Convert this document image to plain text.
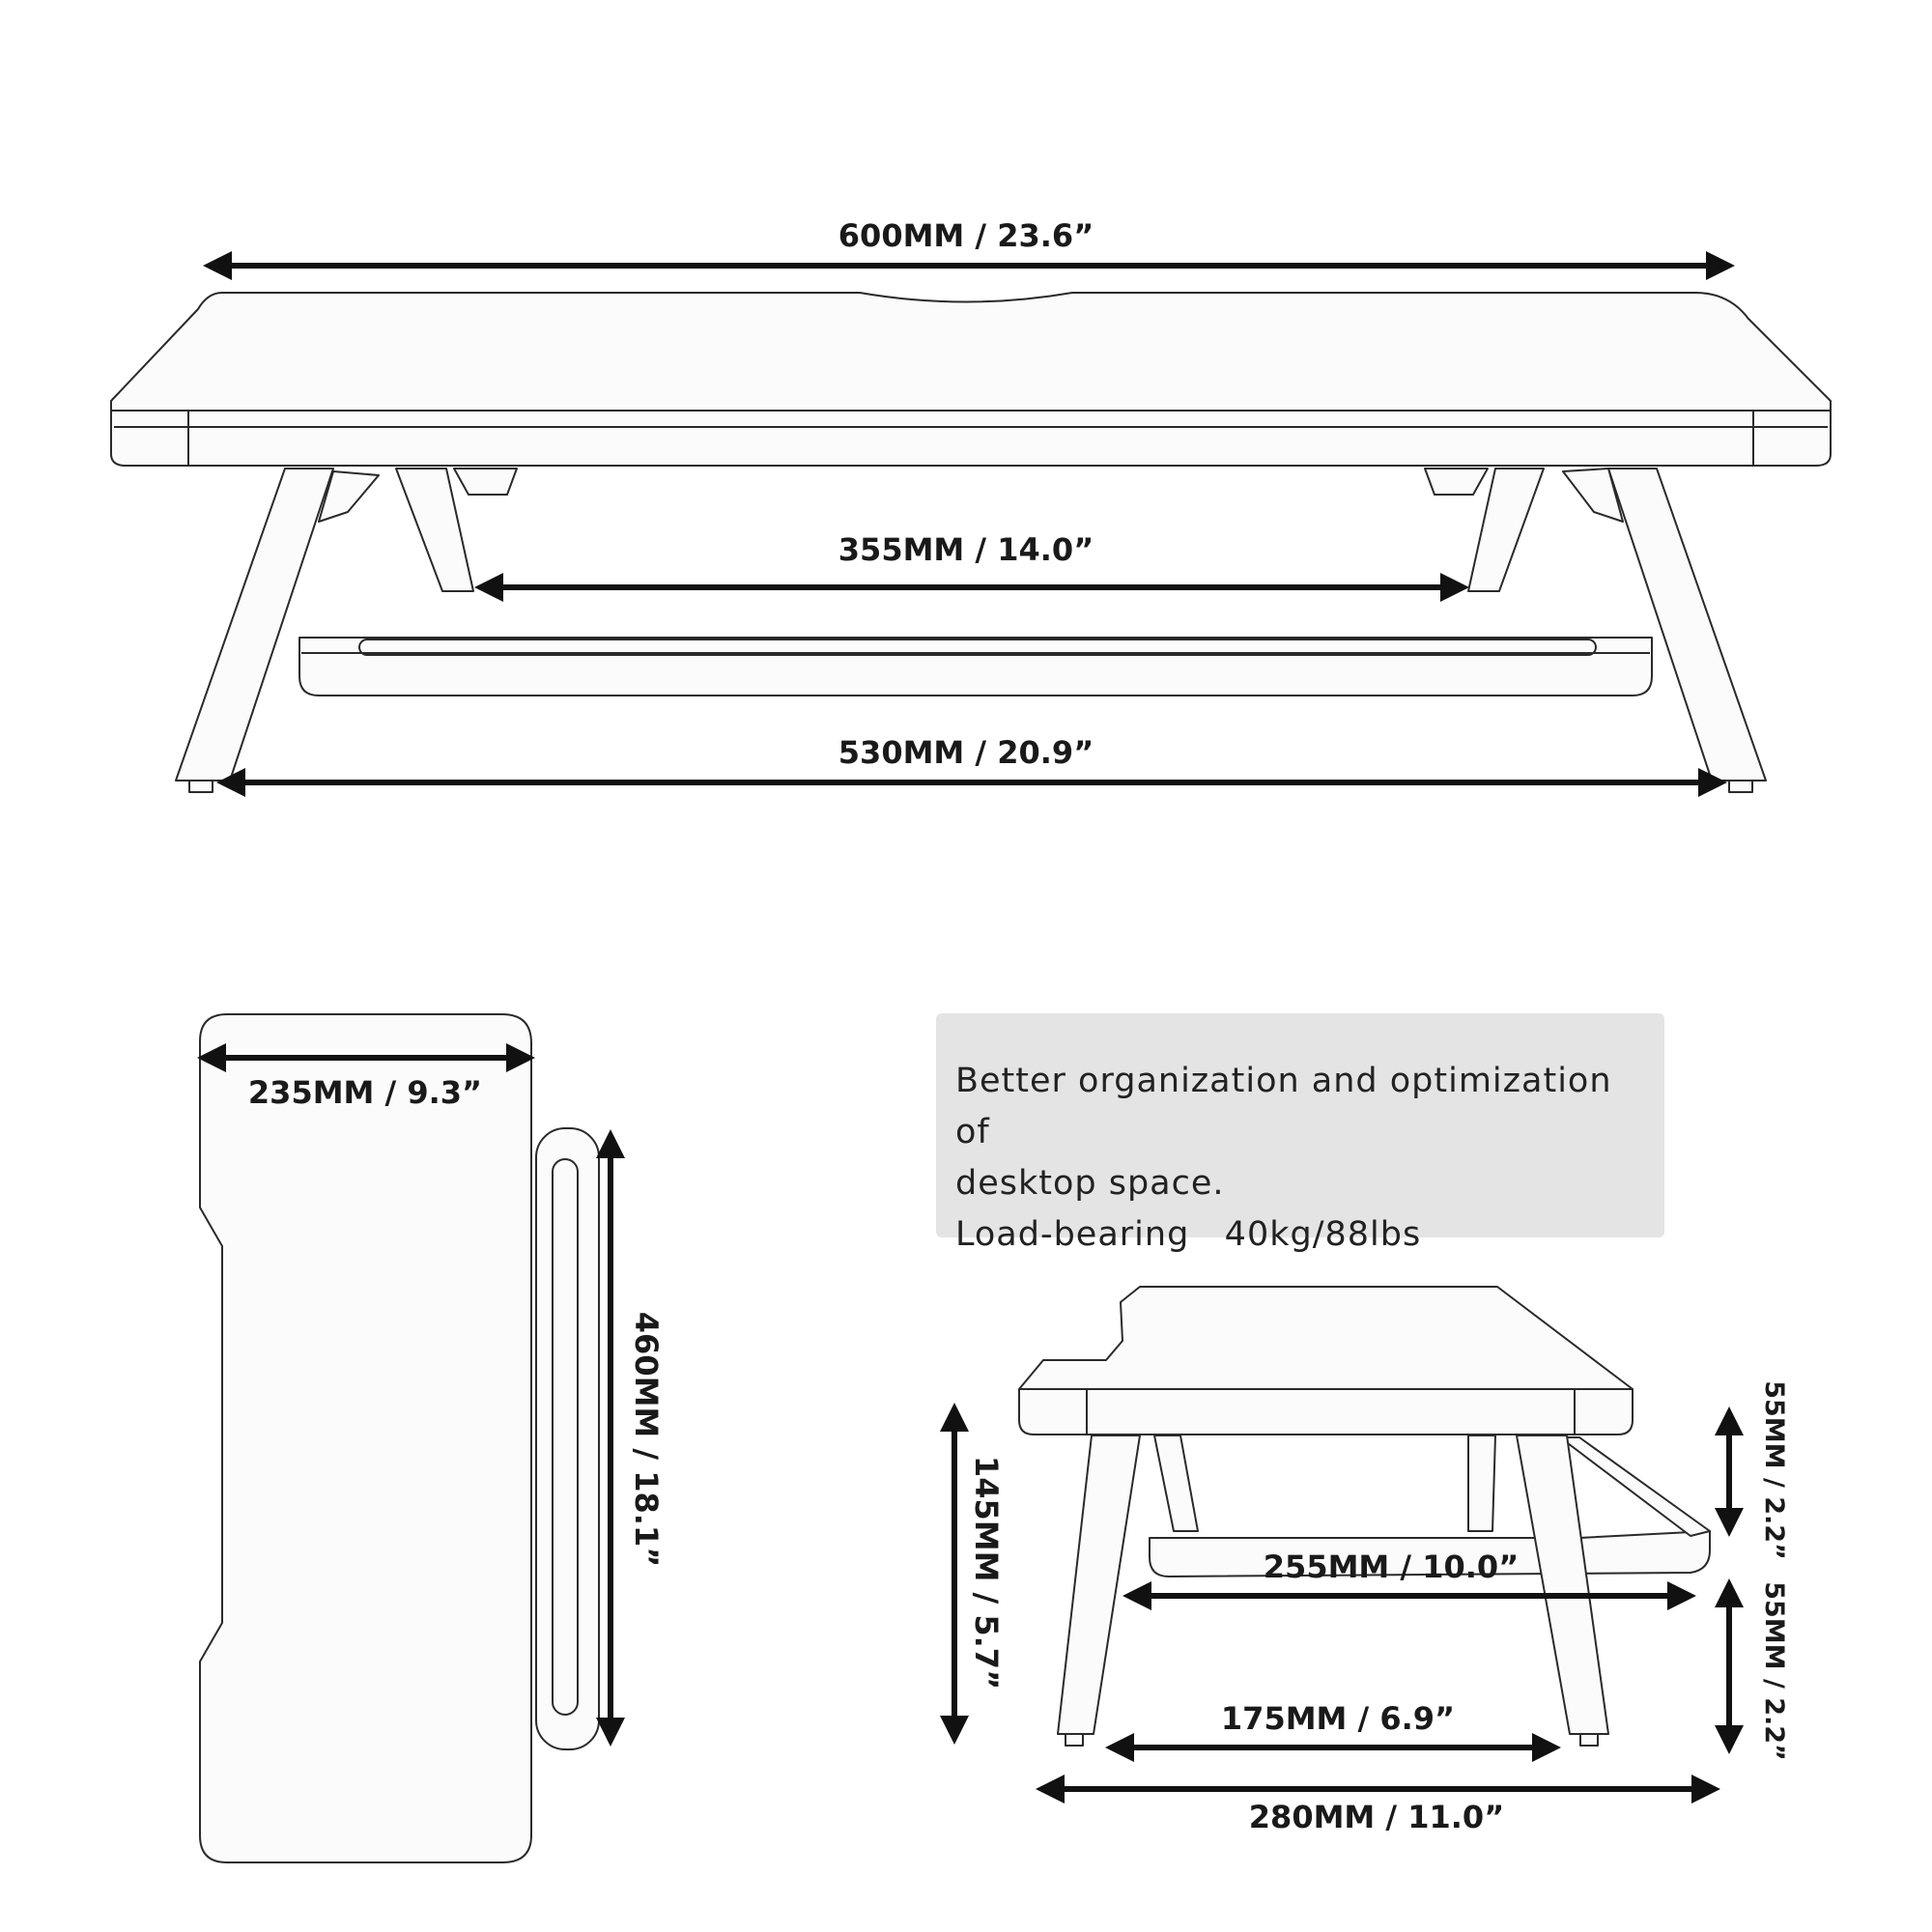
600MM / 23.6”
355MM / 14.0”
530MM / 20.9”
235MM / 9.3”
460MM / 18.1”
145MM / 5.7”	55MM / 2.2”
55MM / 2.2”
255MM / 10.0”
175MM / 6.9”
280MM / 11.0”
Better organization and optimization of
desktop space.
Load-bearing   40kg/88lbs
